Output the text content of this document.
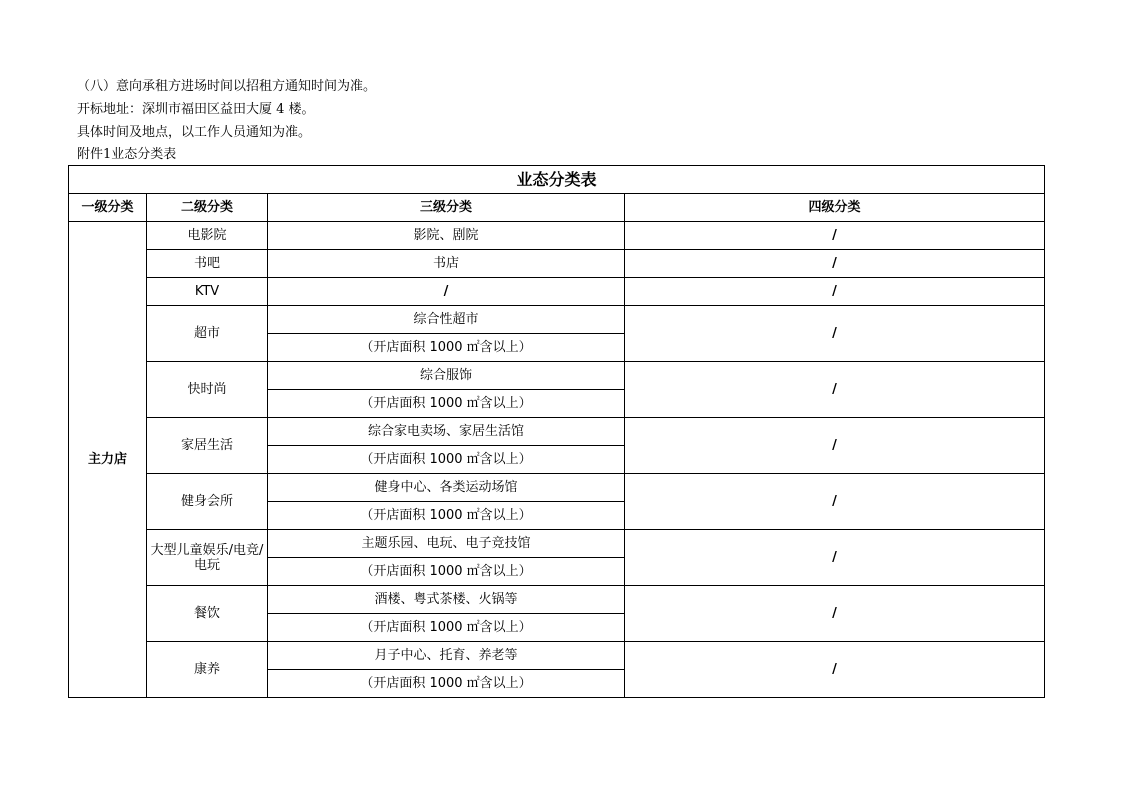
（八）意向承租方进场时间以招租方通知时间为准。
开标地址：深圳市福田区益田大厦 4 楼。
具体时间及地点，以工作人员通知为准。
附件1业态分类表
业态分类表			
一级分类	二级分类	三级分类	四级分类
主力店	电影院	影院、剧院	/
	书吧	书店	/
	KTV	/	/
	超市	综合性超市	/
		（开店面积 1000 ㎡含以上）	
	快时尚	综合服饰	/
		（开店面积 1000 ㎡含以上）	
	家居生活	综合家电卖场、家居生活馆	/
		（开店面积 1000 ㎡含以上）	
	健身会所	健身中心、各类运动场馆	/
		（开店面积 1000 ㎡含以上）	
	大型儿童娱乐/电竞/电玩	主题乐园、电玩、电子竞技馆	/
		（开店面积 1000 ㎡含以上）	
	餐饮	酒楼、粤式茶楼、火锅等	/
		（开店面积 1000 ㎡含以上）	
	康养	月子中心、托育、养老等	/
		（开店面积 1000 ㎡含以上）	
